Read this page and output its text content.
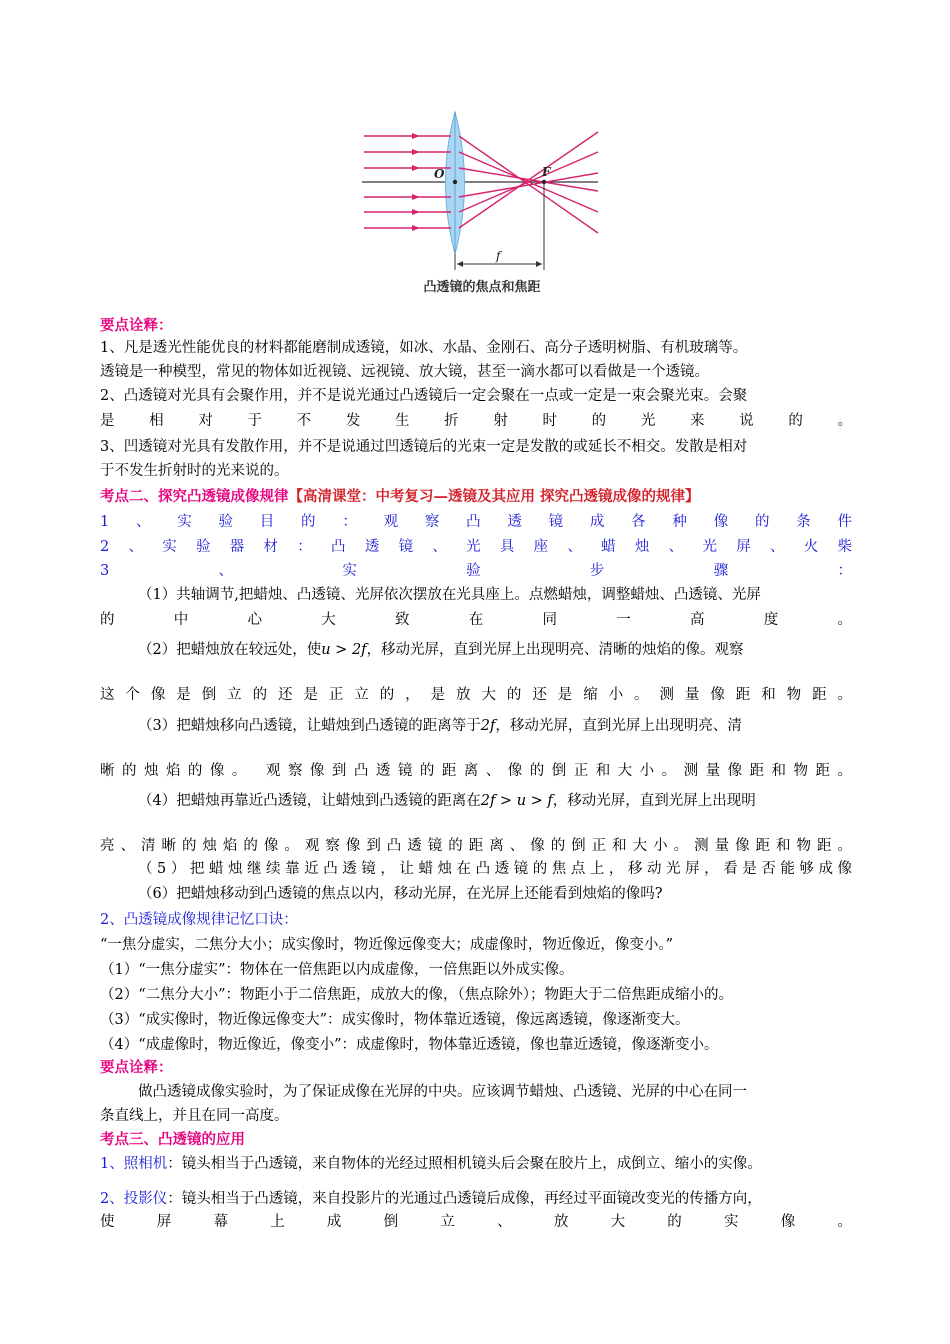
O	F
f
凸透镜的焦点和焦距
要点诠释：
1、凡是透光性能优良的材料都能磨制成透镜，如冰、水晶、金刚石、高分子透明树脂、有机玻璃等。
透镜是一种模型，常见的物体如近视镜、远视镜、放大镜，甚至一滴水都可以看做是一个透镜。
2、凸透镜对光具有会聚作用，并不是说光通过凸透镜后一定会聚在一点或一定是一束会聚光束。会聚
是相对于不发生折射时的光来说的。
3、凹透镜对光具有发散作用，并不是说通过凹透镜后的光束一定是发散的或延长不相交。发散是相对
于不发生折射时的光来说的。
考点二、探究凸透镜成像规律【高清课堂：中考复习—透镜及其应用 探究凸透镜成像的规律】
1、实验目的：观察凸透镜成各种像的条件
2、实验器材：凸透镜、光具座、蜡烛、光屏、火柴
3、实验步骤：
（1）共轴调节,把蜡烛、凸透镜、光屏依次摆放在光具座上。点燃蜡烛，调整蜡烛、凸透镜、光屏
的中心大致在同一高度。
（2）把蜡烛放在较远处，使u > 2f，移动光屏，直到光屏上出现明亮、清晰的烛焰的像。观察
这个像是倒立的还是正立的，是放大的还是缩小。测量像距和物距。
（3）把蜡烛移向凸透镜，让蜡烛到凸透镜的距离等于2f，移动光屏，直到光屏上出现明亮、清
晰的烛焰的像。 观察像到凸透镜的距离、像的倒正和大小。测量像距和物距。
（4）把蜡烛再靠近凸透镜，让蜡烛到凸透镜的距离在2f > u > f，移动光屏，直到光屏上出现明
亮、清晰的烛焰的像。观察像到凸透镜的距离、像的倒正和大小。测量像距和物距。
（5）把蜡烛继续靠近凸透镜，让蜡烛在凸透镜的焦点上，移动光屏，看是否能够成像
（6）把蜡烛移动到凸透镜的焦点以内，移动光屏，在光屏上还能看到烛焰的像吗?
2、凸透镜成像规律记忆口诀：
“一焦分虚实，二焦分大小；成实像时，物近像远像变大；成虚像时，物近像近，像变小。”
（1）“一焦分虚实”：物体在一倍焦距以内成虚像，一倍焦距以外成实像。
（2）“二焦分大小”：物距小于二倍焦距，成放大的像，（焦点除外）；物距大于二倍焦距成缩小的。
（3）“成实像时，物近像远像变大”：成实像时，物体靠近透镜，像远离透镜，像逐渐变大。
（4）“成虚像时，物近像近，像变小”：成虚像时，物体靠近透镜，像也靠近透镜，像逐渐变小。
要点诠释：
做凸透镜成像实验时，为了保证成像在光屏的中央。应该调节蜡烛、凸透镜、光屏的中心在同一
条直线上，并且在同一高度。
考点三、凸透镜的应用
1、照相机：镜头相当于凸透镜，来自物体的光经过照相机镜头后会聚在胶片上，成倒立、缩小的实像。
2、投影仪：镜头相当于凸透镜，来自投影片的光通过凸透镜后成像，再经过平面镜改变光的传播方向，
使屏幕上成倒立、放大的实像。
